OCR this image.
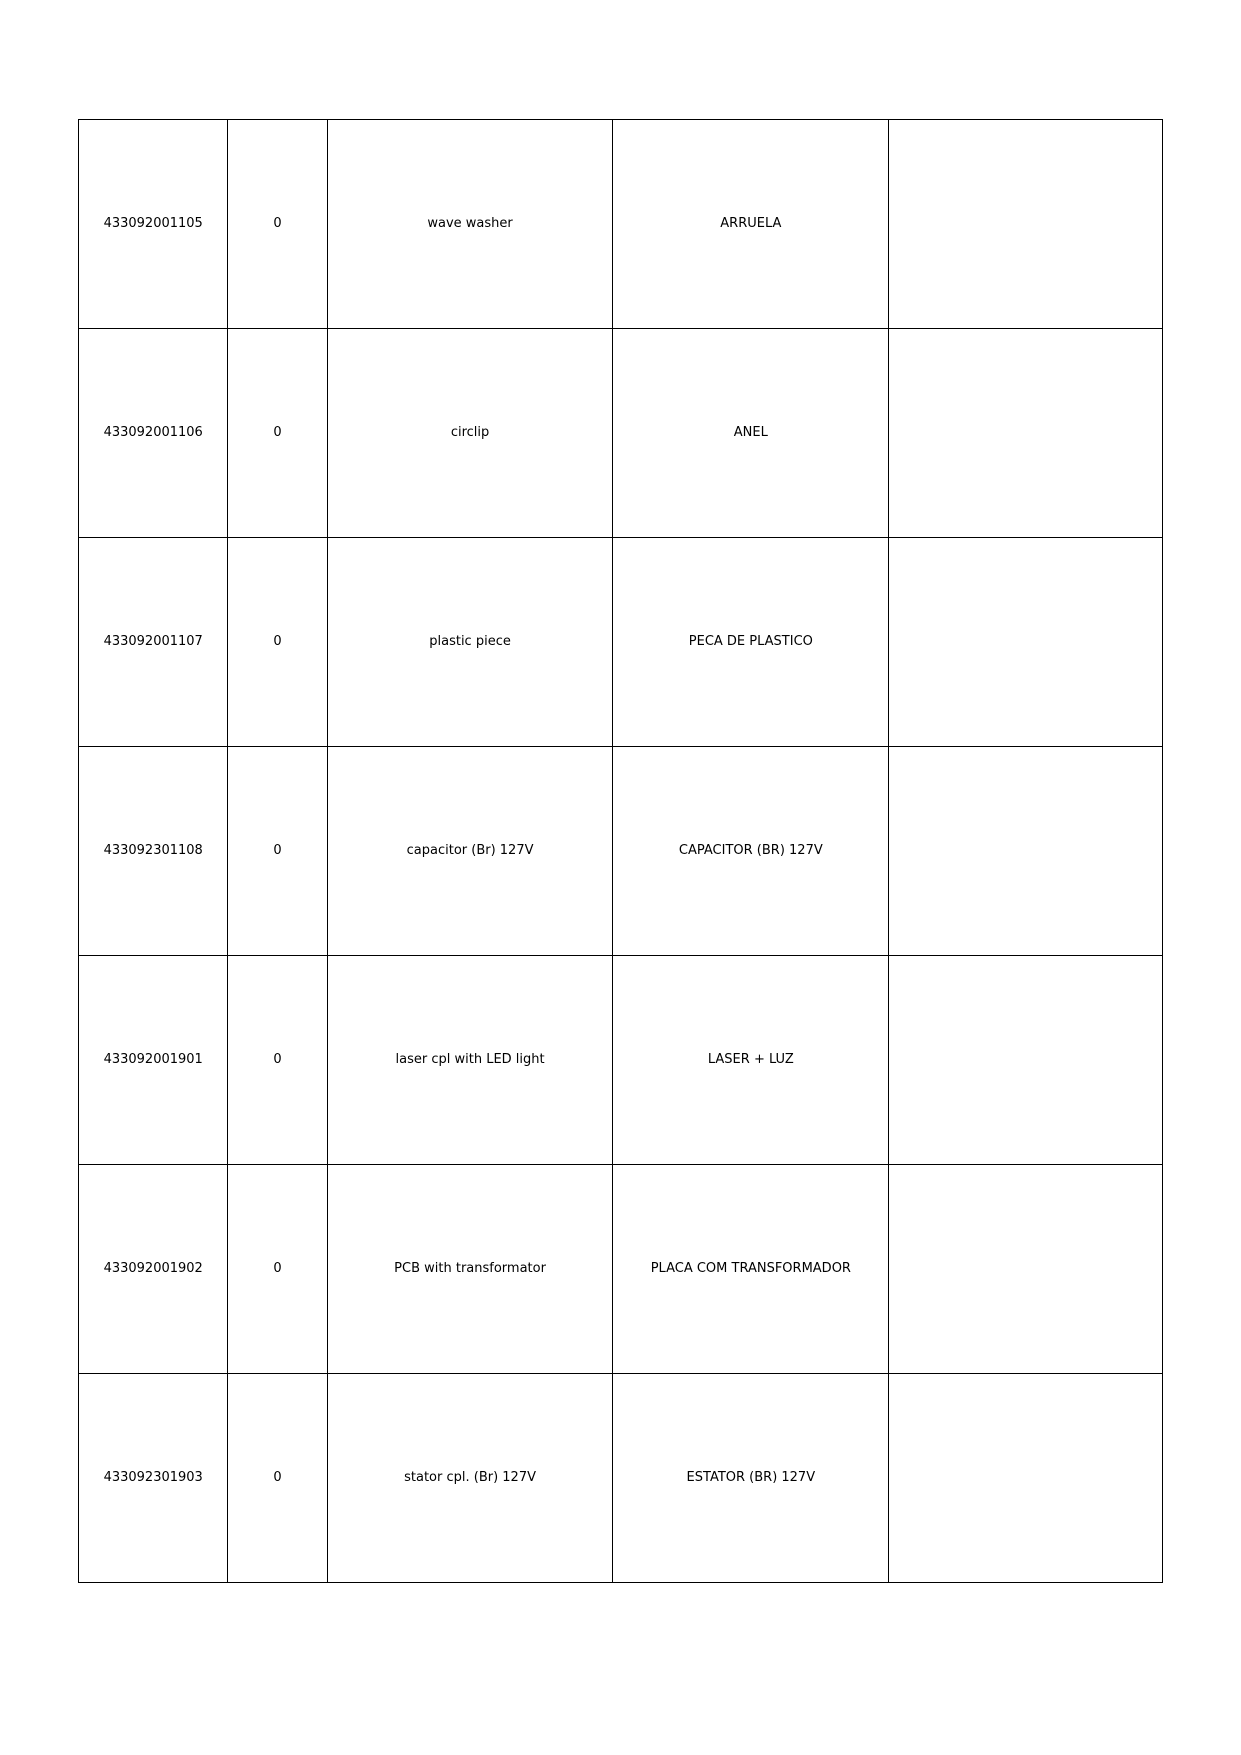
433092001105	0	wave washer	ARRUELA	
433092001106	0	circlip	ANEL	
433092001107	0	plastic piece	PECA DE PLASTICO	
433092301108	0	capacitor (Br) 127V	CAPACITOR (BR) 127V	
433092001901	0	laser cpl with LED light	LASER + LUZ	
433092001902	0	PCB with transformator	PLACA COM TRANSFORMADOR	
433092301903	0	stator cpl. (Br) 127V	ESTATOR (BR) 127V	
